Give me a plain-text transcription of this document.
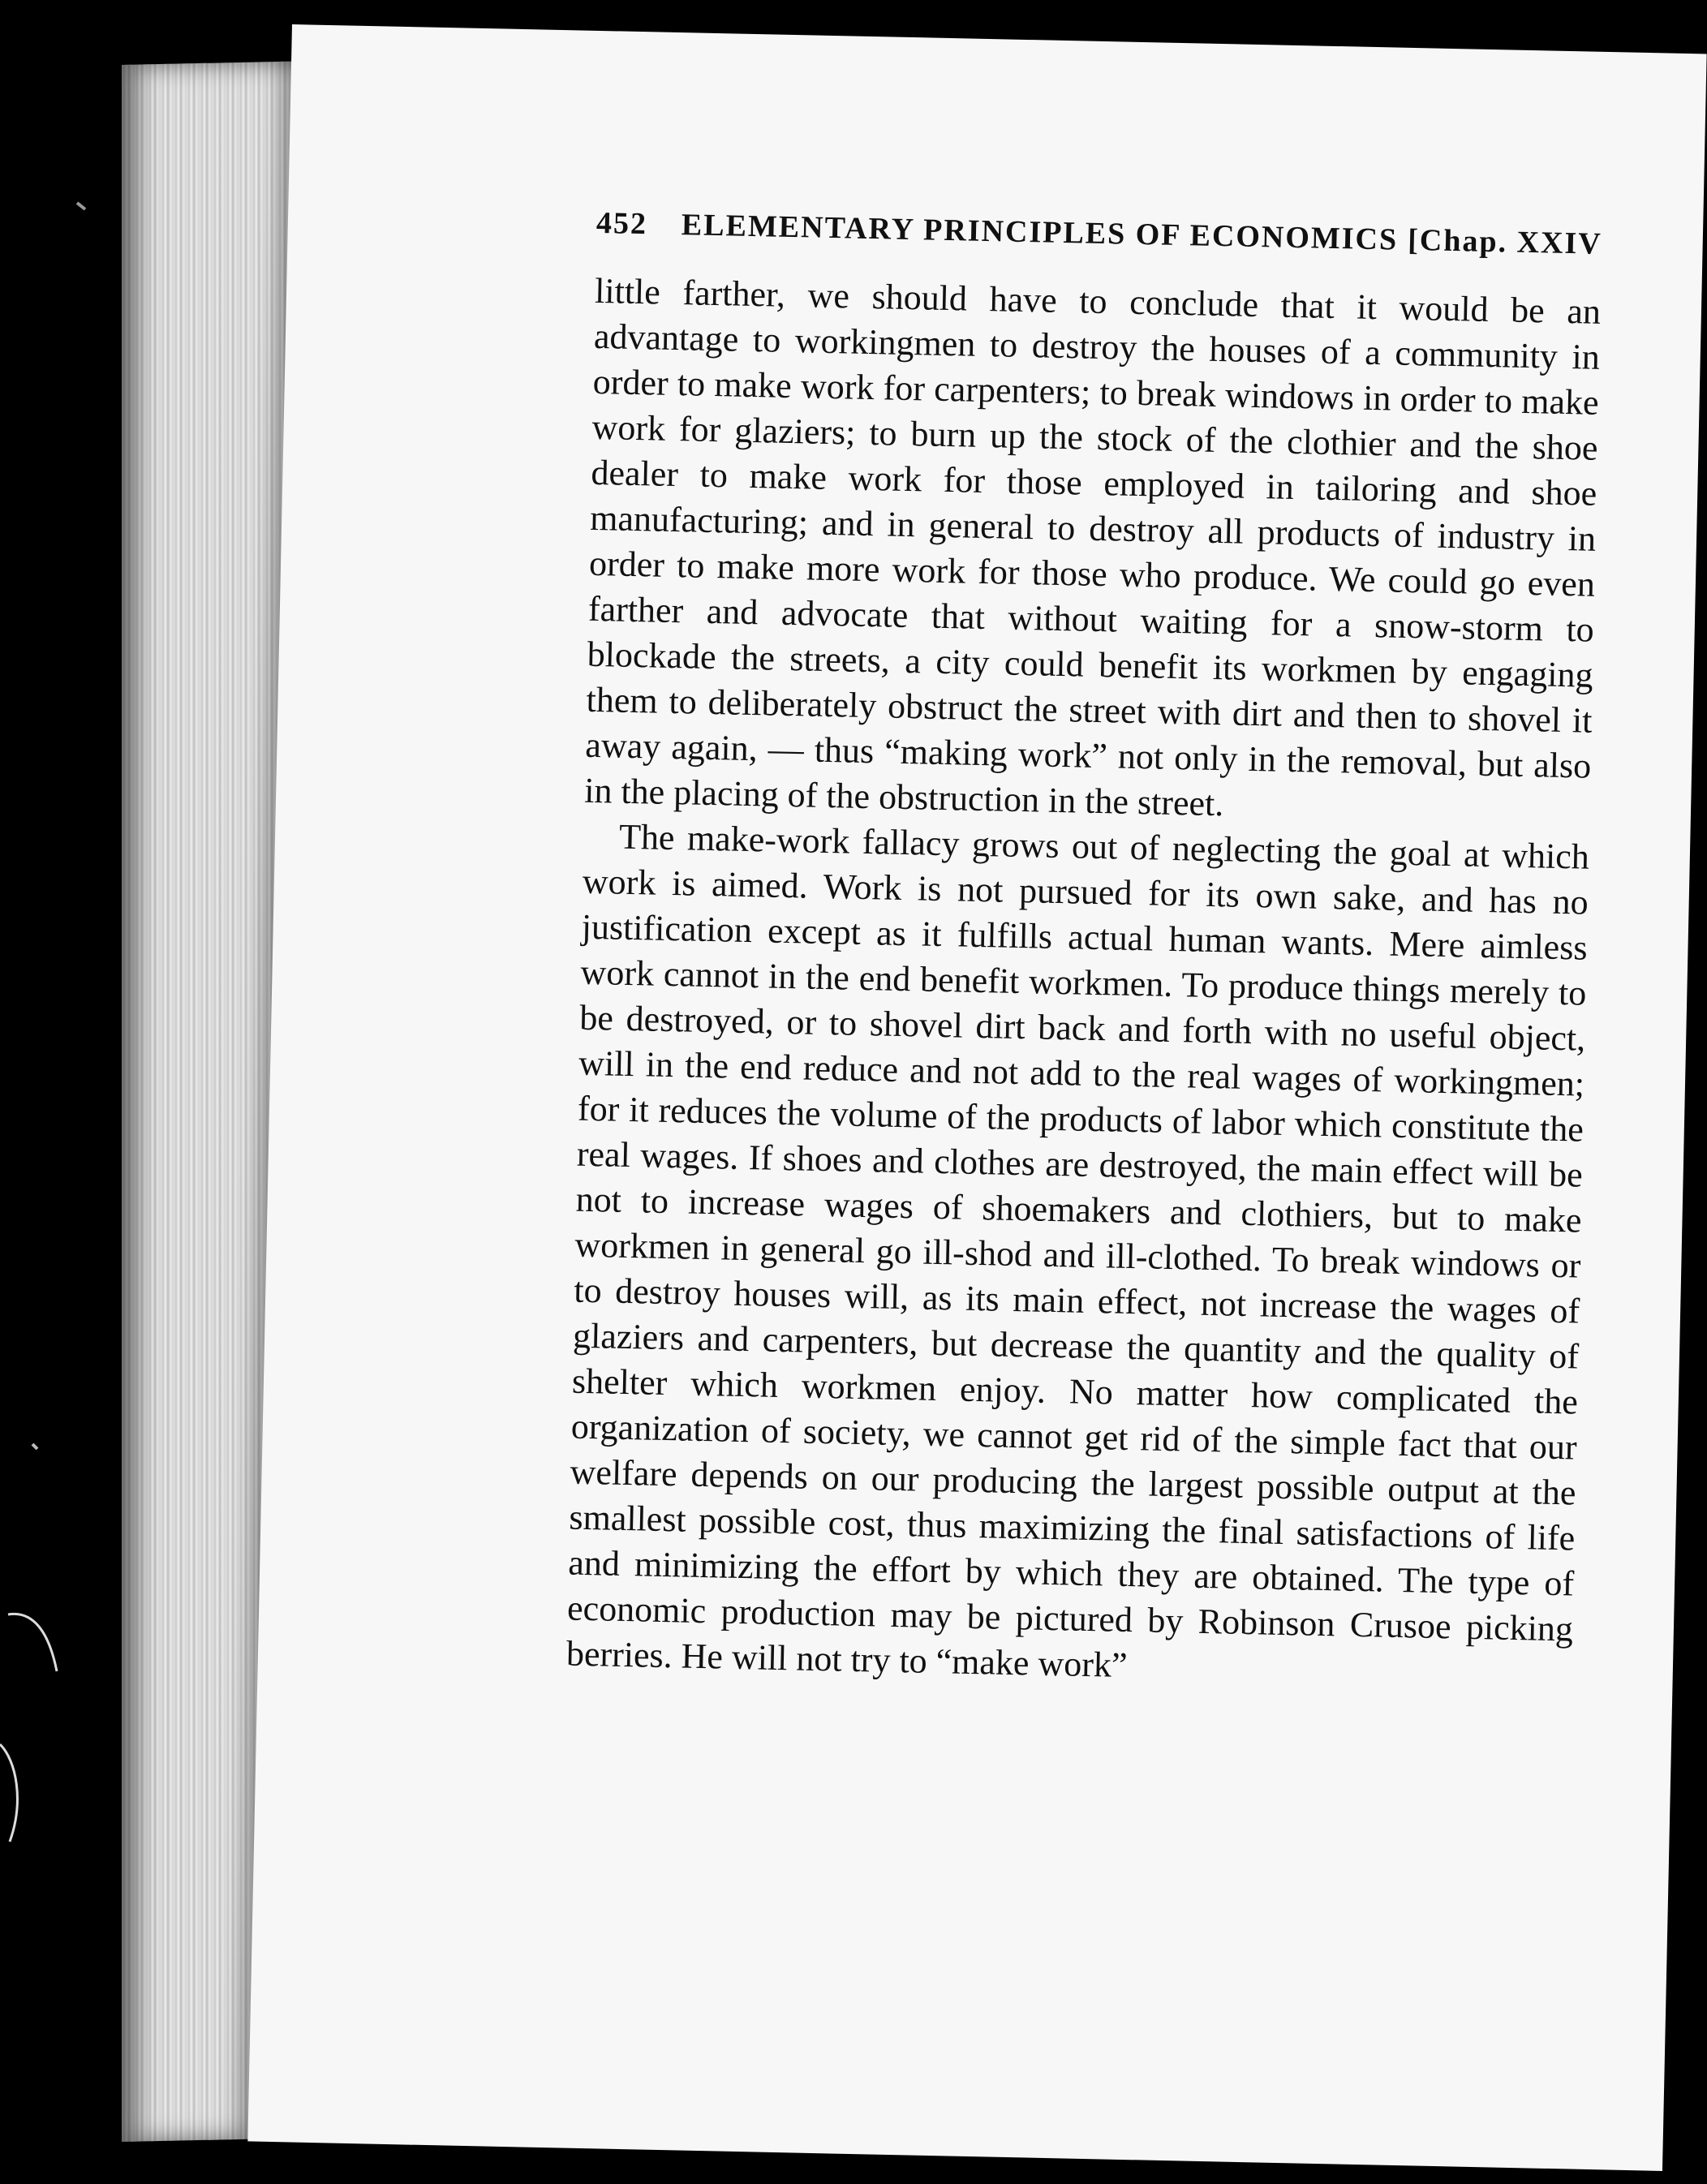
452 ELEMENTARY PRINCIPLES OF ECONOMICS [Chap. XXIV

little farther, we should have to conclude that it would be an advantage to workingmen to destroy the houses of a community in order to make work for carpenters; to break windows in order to make work for glaziers; to burn up the stock of the clothier and the shoe dealer to make work for those employed in tailoring and shoe manufacturing; and in general to destroy all products of industry in order to make more work for those who produce. We could go even farther and advocate that without waiting for a snow-storm to blockade the streets, a city could benefit its workmen by engaging them to deliberately obstruct the street with dirt and then to shovel it away again, — thus “making work” not only in the removal, but also in the placing of the obstruction in the street.

The make-work fallacy grows out of neglecting the goal at which work is aimed. Work is not pursued for its own sake, and has no justification except as it fulfills actual human wants. Mere aimless work cannot in the end benefit workmen. To produce things merely to be destroyed, or to shovel dirt back and forth with no useful object, will in the end reduce and not add to the real wages of workingmen; for it reduces the volume of the products of labor which constitute the real wages. If shoes and clothes are destroyed, the main effect will be not to increase wages of shoemakers and clothiers, but to make workmen in general go ill-shod and ill-clothed. To break windows or to destroy houses will, as its main effect, not increase the wages of glaziers and carpenters, but decrease the quantity and the quality of shelter which workmen enjoy. No matter how complicated the organization of society, we cannot get rid of the simple fact that our welfare depends on our producing the largest possible output at the smallest possible cost, thus maximizing the final satisfactions of life and minimizing the effort by which they are obtained. The type of economic production may be pictured by Robinson Crusoe picking berries. He will not try to “make work”
